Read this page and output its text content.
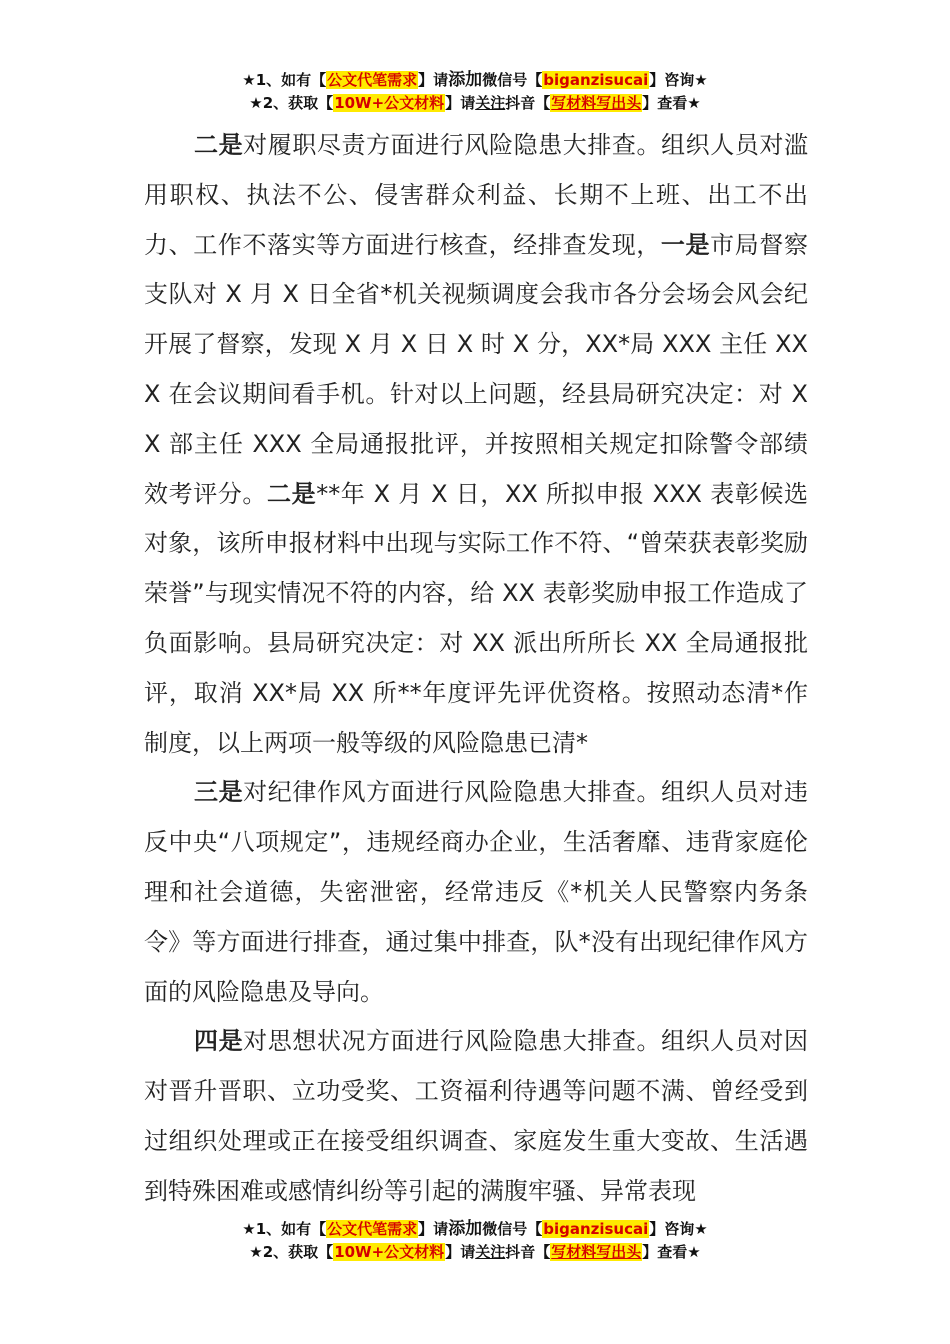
★1、如有【公文代笔需求】请添加微信号【biganzisucai】咨询★
★2、获取【10W+公文材料】请关注抖音【写材料写出头】查看★

二是对履职尽责方面进行风险隐患大排查。组织人员对滥用职权、执法不公、侵害群众利益、长期不上班、出工不出力、工作不落实等方面进行核查，经排查发现，一是市局督察支队对 X 月 X 日全省*机关视频调度会我市各分会场会风会纪开展了督察，发现 X 月 X 日 X 时 X 分，XX*局 XXX 主任 XXX 在会议期间看手机。针对以上问题，经县局研究决定：对 XX 部主任 XXX 全局通报批评，并按照相关规定扣除警令部绩效考评分。二是**年 X 月 X 日，XX 所拟申报 XXX 表彰候选对象，该所申报材料中出现与实际工作不符、“曾荣获表彰奖励荣誉”与现实情况不符的内容，给 XX 表彰奖励申报工作造成了负面影响。县局研究决定：对 XX 派出所所长 XX 全局通报批评，取消 XX*局 XX 所**年度评先评优资格。按照动态清*作制度，以上两项一般等级的风险隐患已清*

三是对纪律作风方面进行风险隐患大排查。组织人员对违反中央“八项规定”，违规经商办企业，生活奢靡、违背家庭伦理和社会道德，失密泄密，经常违反《*机关人民警察内务条令》等方面进行排查，通过集中排查，队*没有出现纪律作风方面的风险隐患及导向。

四是对思想状况方面进行风险隐患大排查。组织人员对因对晋升晋职、立功受奖、工资福利待遇等问题不满、曾经受到过组织处理或正在接受组织调查、家庭发生重大变故、生活遇到特殊困难或感情纠纷等引起的满腹牢骚、异常表现

★1、如有【公文代笔需求】请添加微信号【biganzisucai】咨询★
★2、获取【10W+公文材料】请关注抖音【写材料写出头】查看★
